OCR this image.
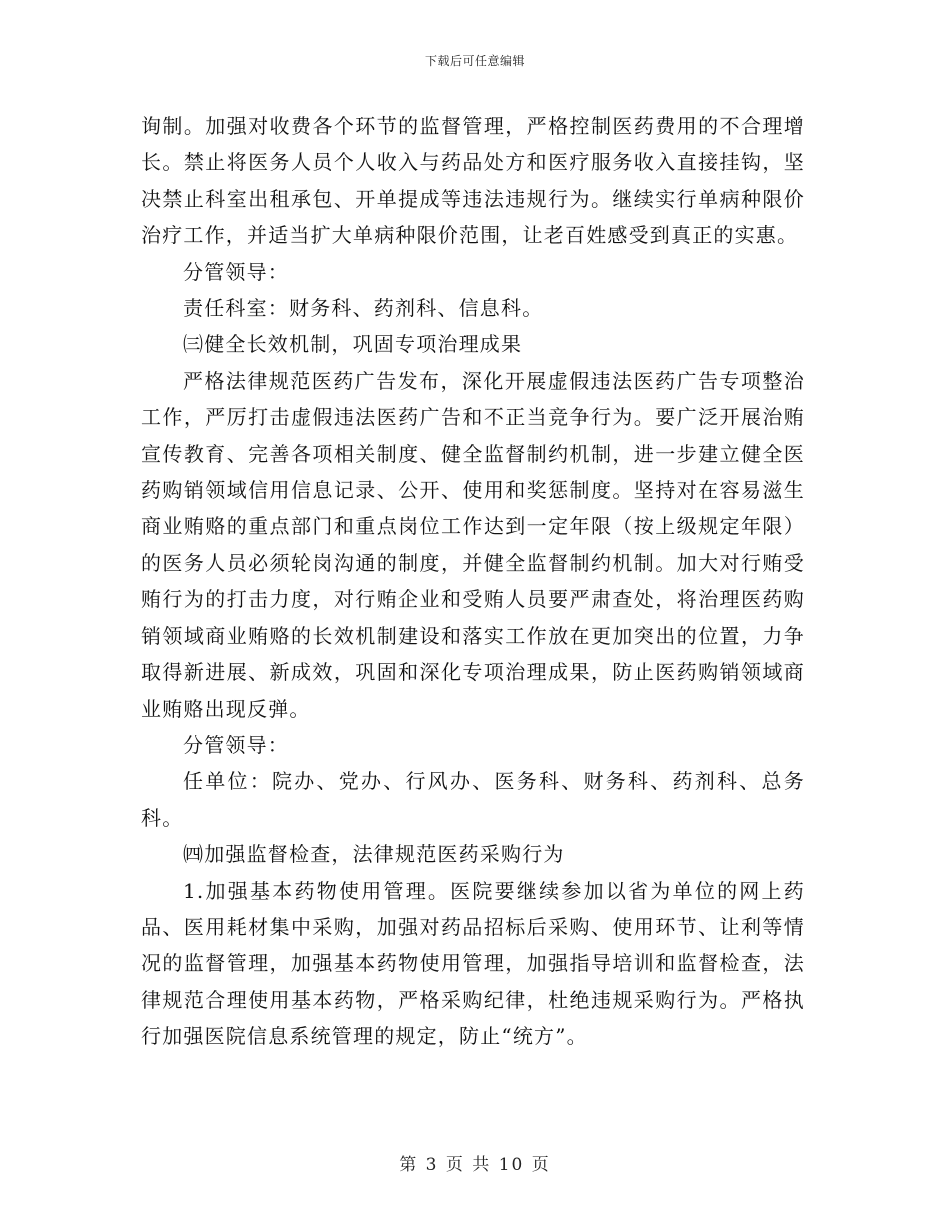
下载后可任意编辑

询制。加强对收费各个环节的监督管理，严格控制医药费用的不合理增长。禁止将医务人员个人收入与药品处方和医疗服务收入直接挂钩，坚决禁止科室出租承包、开单提成等违法违规行为。继续实行单病种限价治疗工作，并适当扩大单病种限价范围，让老百姓感受到真正的实惠。

分管领导：

责任科室：财务科、药剂科、信息科。

㈢健全长效机制，巩固专项治理成果

严格法律规范医药广告发布，深化开展虚假违法医药广告专项整治工作，严厉打击虚假违法医药广告和不正当竞争行为。要广泛开展治贿宣传教育、完善各项相关制度、健全监督制约机制，进一步建立健全医药购销领域信用信息记录、公开、使用和奖惩制度。坚持对在容易滋生商业贿赂的重点部门和重点岗位工作达到一定年限（按上级规定年限）的医务人员必须轮岗沟通的制度，并健全监督制约机制。加大对行贿受贿行为的打击力度，对行贿企业和受贿人员要严肃查处，将治理医药购销领域商业贿赂的长效机制建设和落实工作放在更加突出的位置，力争取得新进展、新成效，巩固和深化专项治理成果，防止医药购销领域商业贿赂出现反弹。

分管领导：

任单位：院办、党办、行风办、医务科、财务科、药剂科、总务科。

㈣加强监督检查，法律规范医药采购行为

1.加强基本药物使用管理。医院要继续参加以省为单位的网上药品、医用耗材集中采购，加强对药品招标后采购、使用环节、让利等情况的监督管理，加强基本药物使用管理，加强指导培训和监督检查，法律规范合理使用基本药物，严格采购纪律，杜绝违规采购行为。严格执行加强医院信息系统管理的规定，防止“统方”。

第 3 页 共 10 页
